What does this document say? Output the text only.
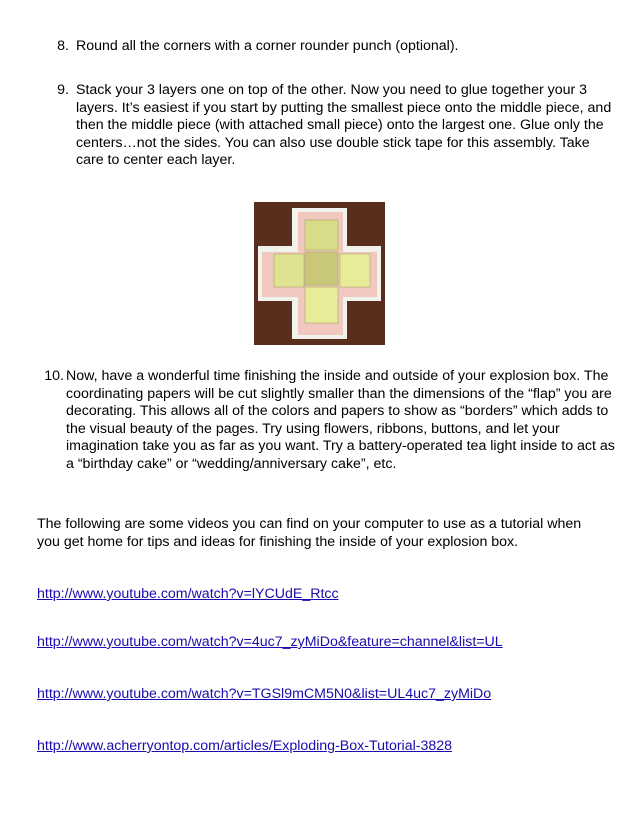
8. Round all the corners with a corner rounder punch (optional).
9. Stack your 3 layers one on top of the other. Now you need to glue together your 3 layers. It’s easiest if you start by putting the smallest piece onto the middle piece, and then the middle piece (with attached small piece) onto the largest one. Glue only the centers…not the sides. You can also use double stick tape for this assembly. Take care to center each layer.
10. Now, have a wonderful time finishing the inside and outside of your explosion box. The coordinating papers will be cut slightly smaller than the dimensions of the “flap” you are decorating. This allows all of the colors and papers to show as “borders” which adds to the visual beauty of the pages. Try using flowers, ribbons, buttons, and let your imagination take you as far as you want. Try a battery-operated tea light inside to act as a “birthday cake” or “wedding/anniversary cake”, etc.
The following are some videos you can find on your computer to use as a tutorial when you get home for tips and ideas for finishing the inside of your explosion box.
http://www.youtube.com/watch?v=lYCUdE_Rtcc
http://www.youtube.com/watch?v=4uc7_zyMiDo&feature=channel&list=UL
http://www.youtube.com/watch?v=TGSl9mCM5N0&list=UL4uc7_zyMiDo
http://www.acherryontop.com/articles/Exploding-Box-Tutorial-3828
